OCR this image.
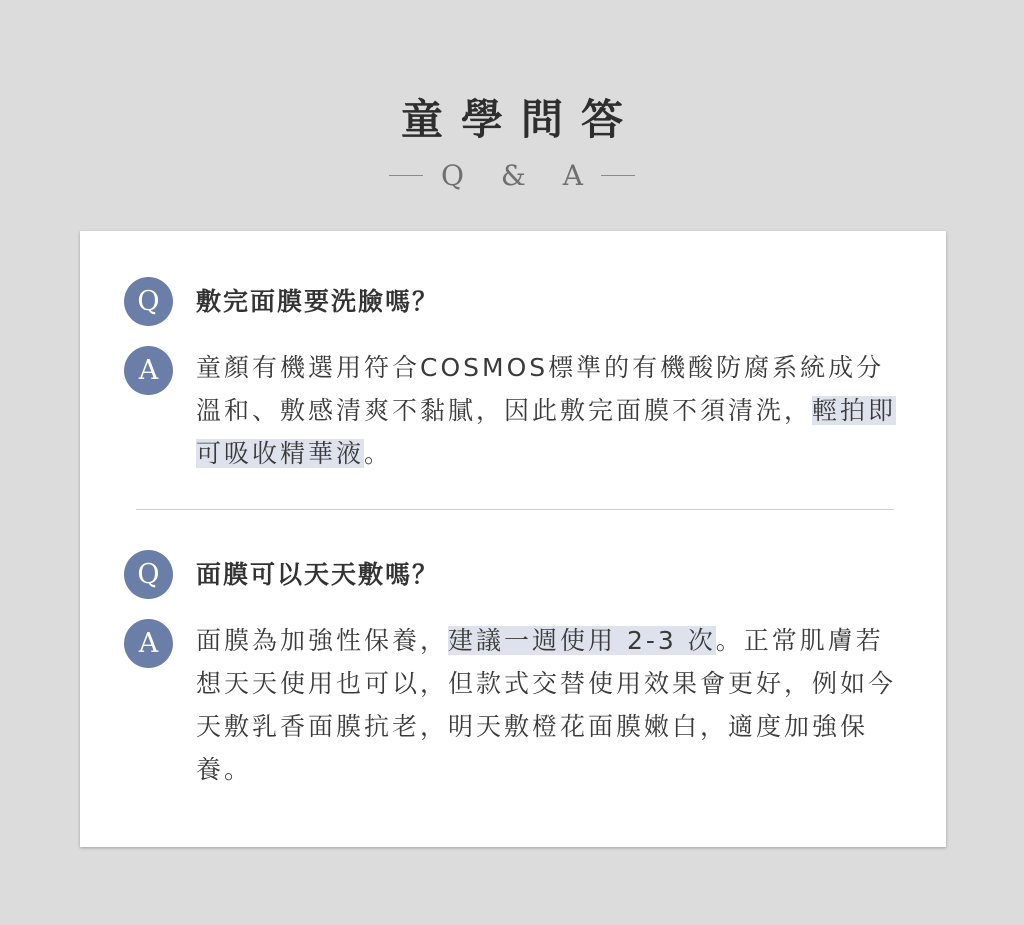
童學問答
Q & A
Q	敷完面膜要洗臉嗎？
A	童顏有機選用符合COSMOS標準的有機酸防腐系統成分溫和、敷感清爽不黏膩，因此敷完面膜不須清洗，輕拍即可吸收精華液。
Q	面膜可以天天敷嗎？
A	面膜為加強性保養，建議一週使用 2-3 次。正常肌膚若想天天使用也可以，但款式交替使用效果會更好，例如今天敷乳香面膜抗老，明天敷橙花面膜嫩白，適度加強保養。
